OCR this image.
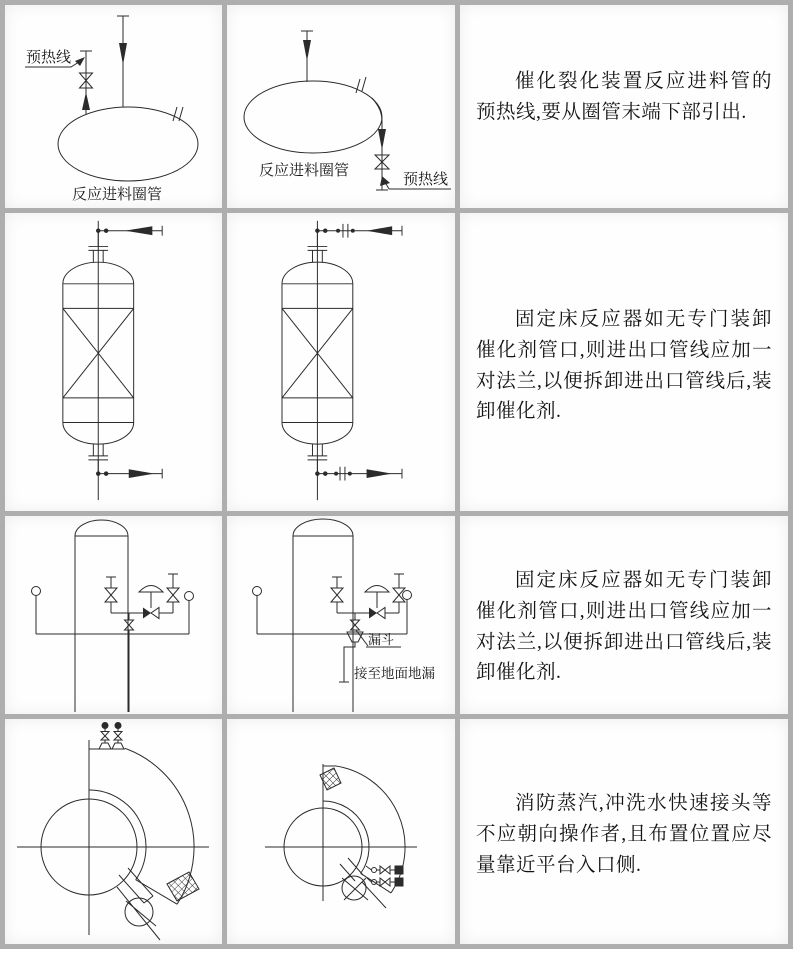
预热线
反应进料圈管
反应进料圈管
预热线
催化裂化装置反应进料管的预热线,要从圈管末端下部引出.
固定床反应器如无专门装卸催化剂管口,则进出口管线应加一对法兰,以便拆卸进出口管线后,装卸催化剂.
漏斗
接至地面地漏
固定床反应器如无专门装卸催化剂管口,则进出口管线应加一对法兰,以便拆卸进出口管线后,装卸催化剂.
消防蒸汽,冲洗水快速接头等不应朝向操作者,且布置位置应尽量靠近平台入口侧.
